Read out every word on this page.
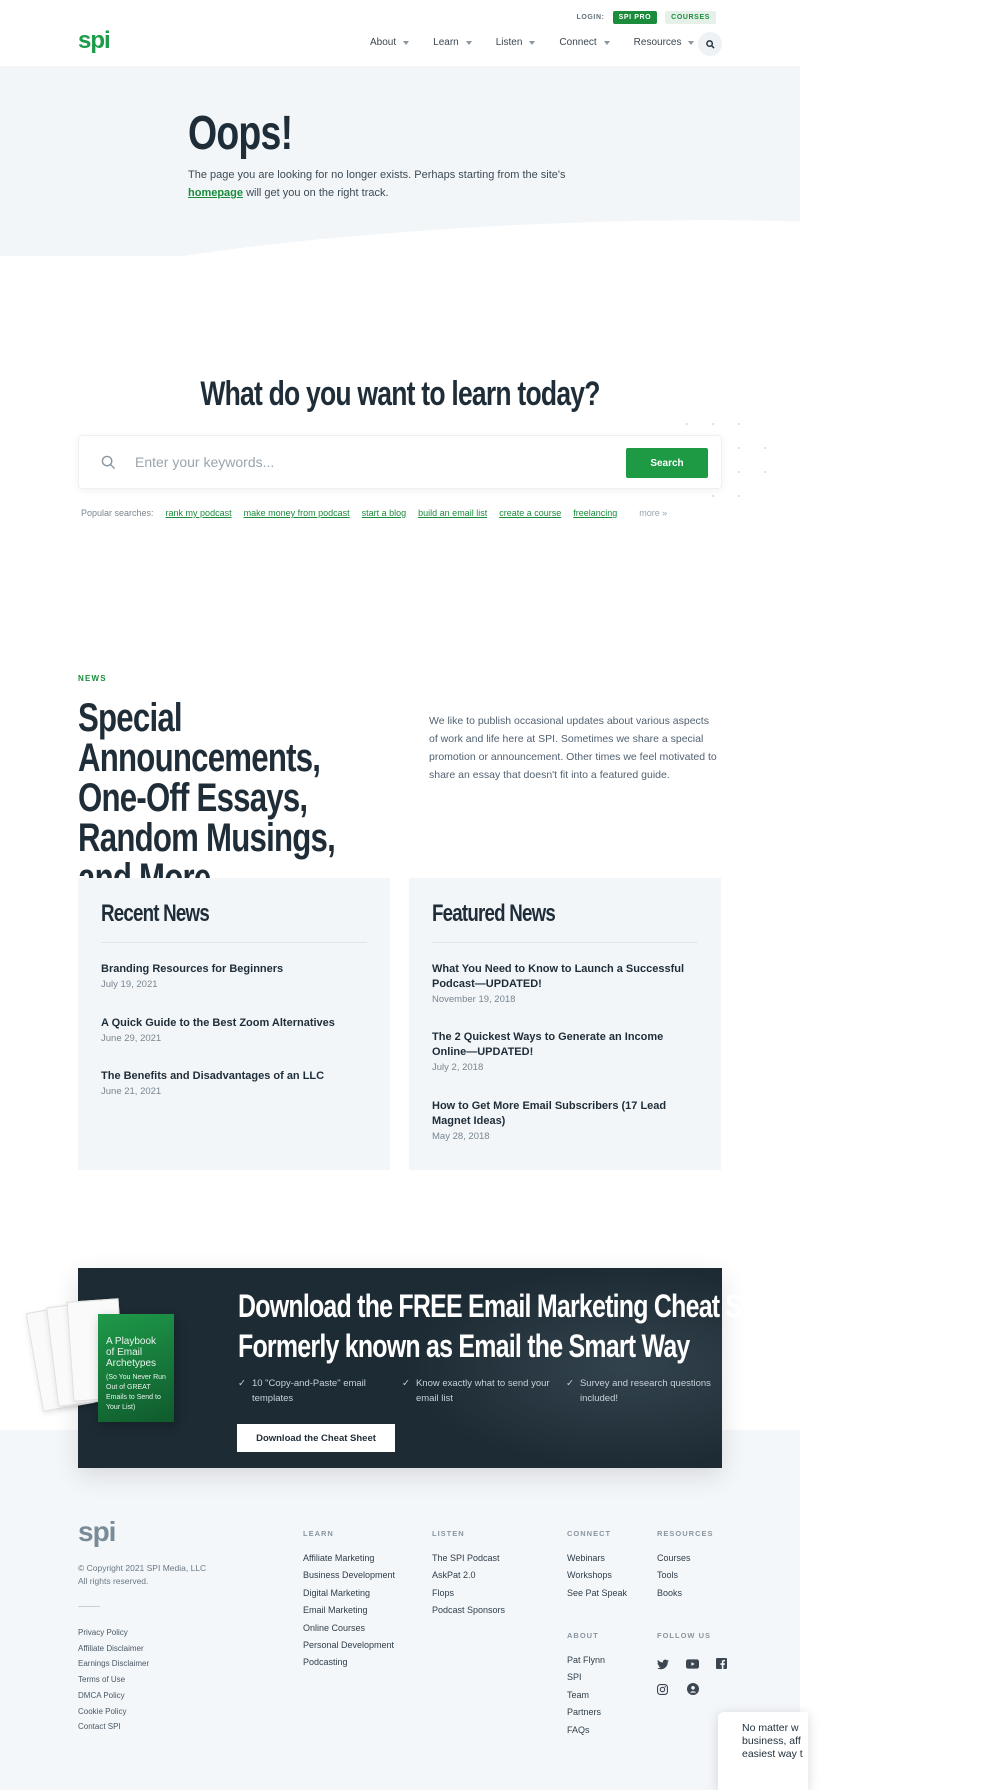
LOGIN:	SPI PRO	COURSES
spi	About	Learn	Listen	Connect	Resources
Oops!

The page you are looking for no longer exists. Perhaps starting from the site's
homepage will get you on the right track.

What do you want to learn today?
Enter your keywords...
Search
Popular searches: rank my podcast make money from podcast start a blog build an email list create a course freelancing more »
NEWS
Special Announcements, One-Off Essays, Random Musings,

We like to publish occasional updates about various aspects of work and life here at SPI. Sometimes we share a special promotion or announcement. Other times we feel motivated to share an essay that doesn't fit into a featured guide.

Recent News
Branding Resources for Beginners
July 19, 2021
A Quick Guide to the Best Zoom Alternatives
June 29, 2021
The Benefits and Disadvantages of an LLC
June 21, 2021
Featured News
What You Need to Know to Launch a Successful Podcast—UPDATED!
November 19, 2018
The 2 Quickest Ways to Generate an Income Online—UPDATED!
July 2, 2018
How to Get More Email Subscribers (17 Lead Magnet Ideas)
May 28, 2018
Download the FREE Email Marketing Cheat Sheet
Formerly known as Email the Smart Way
✓ 10 "Copy-and-Paste" email templates
✓ Know exactly what to send your email list
✓ Survey and research questions included!
Download the Cheat Sheet
A Playbook of Email Archetypes
(So You Never Run Out of GREAT Emails to Send to Your List)
spi
© Copyright 2021 SPI Media, LLC
All rights reserved.
Privacy Policy
Affiliate Disclaimer
Earnings Disclaimer
Terms of Use
DMCA Policy
Cookie Policy
Contact SPI
LEARN
Affiliate Marketing
Business Development
Digital Marketing
Email Marketing
Online Courses
Personal Development
Podcasting
LISTEN
The SPI Podcast
AskPat 2.0
Flops
Podcast Sponsors
CONNECT
Webinars
Workshops
See Pat Speak
RESOURCES
Courses
Tools
Books
ABOUT
Pat Flynn
SPI
Team
Partners
FAQs
FOLLOW US
No matter w
business, aff
easiest way t
